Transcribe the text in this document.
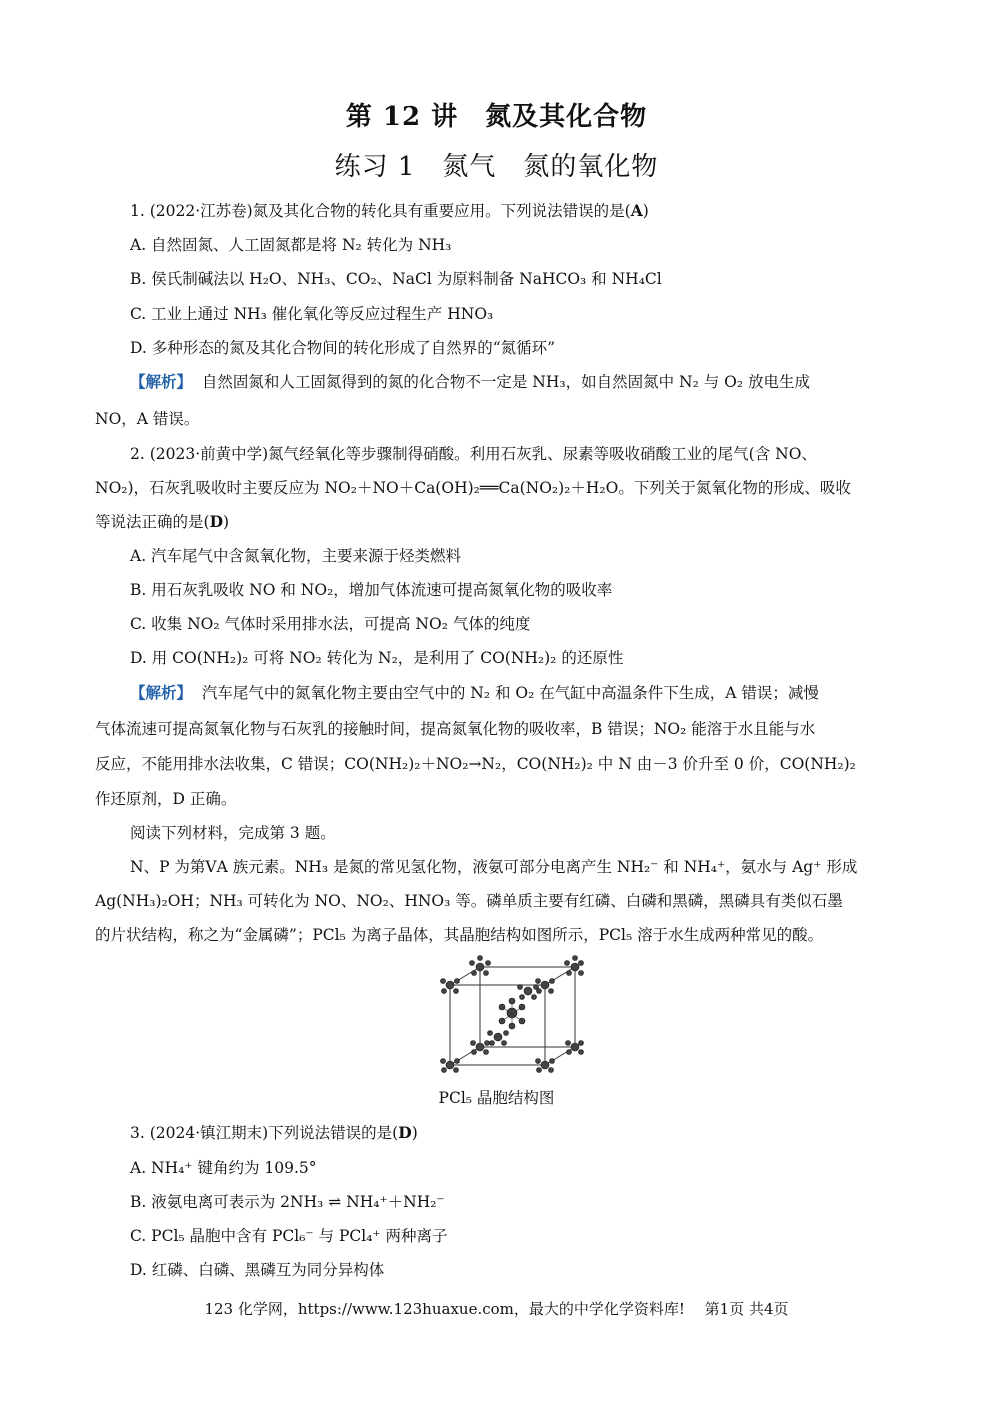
第 12 讲　氮及其化合物
练习 1　氮气　氮的氧化物
1. (2022·江苏卷)氮及其化合物的转化具有重要应用。下列说法错误的是(A)
A. 自然固氮、人工固氮都是将 N₂ 转化为 NH₃
B. 侯氏制碱法以 H₂O、NH₃、CO₂、NaCl 为原料制备 NaHCO₃ 和 NH₄Cl
C. 工业上通过 NH₃ 催化氧化等反应过程生产 HNO₃
D. 多种形态的氮及其化合物间的转化形成了自然界的“氮循环”
【解析】 自然固氮和人工固氮得到的氮的化合物不一定是 NH₃，如自然固氮中 N₂ 与 O₂ 放电生成
NO，A 错误。
2. (2023·前黄中学)氮气经氧化等步骤制得硝酸。利用石灰乳、尿素等吸收硝酸工业的尾气(含 NO、
NO₂)，石灰乳吸收时主要反应为 NO₂＋NO＋Ca(OH)₂══Ca(NO₂)₂＋H₂O。下列关于氮氧化物的形成、吸收
等说法正确的是(D)
A. 汽车尾气中含氮氧化物，主要来源于烃类燃料
B. 用石灰乳吸收 NO 和 NO₂，增加气体流速可提高氮氧化物的吸收率
C. 收集 NO₂ 气体时采用排水法，可提高 NO₂ 气体的纯度
D. 用 CO(NH₂)₂ 可将 NO₂ 转化为 N₂，是利用了 CO(NH₂)₂ 的还原性
【解析】 汽车尾气中的氮氧化物主要由空气中的 N₂ 和 O₂ 在气缸中高温条件下生成，A 错误；减慢
气体流速可提高氮氧化物与石灰乳的接触时间，提高氮氧化物的吸收率，B 错误；NO₂ 能溶于水且能与水
反应，不能用排水法收集，C 错误；CO(NH₂)₂＋NO₂→N₂，CO(NH₂)₂ 中 N 由－3 价升至 0 价，CO(NH₂)₂
作还原剂，D 正确。
阅读下列材料，完成第 3 题。
N、P 为第ⅤA 族元素。NH₃ 是氮的常见氢化物，液氨可部分电离产生 NH₂⁻ 和 NH₄⁺，氨水与 Ag⁺ 形成
Ag(NH₃)₂OH；NH₃ 可转化为 NO、NO₂、HNO₃ 等。磷单质主要有红磷、白磷和黑磷，黑磷具有类似石墨
的片状结构，称之为“金属磷”；PCl₅ 为离子晶体，其晶胞结构如图所示，PCl₅ 溶于水生成两种常见的酸。
PCl₅ 晶胞结构图
3. (2024·镇江期末)下列说法错误的是(D)
A. NH₄⁺ 键角约为 109.5°
B. 液氨电离可表示为 2NH₃ ⇌ NH₄⁺＋NH₂⁻
C. PCl₅ 晶胞中含有 PCl₆⁻ 与 PCl₄⁺ 两种离子
D. 红磷、白磷、黑磷互为同分异构体
123 化学网，https://www.123huaxue.com，最大的中学化学资料库!　 第1页 共4页
